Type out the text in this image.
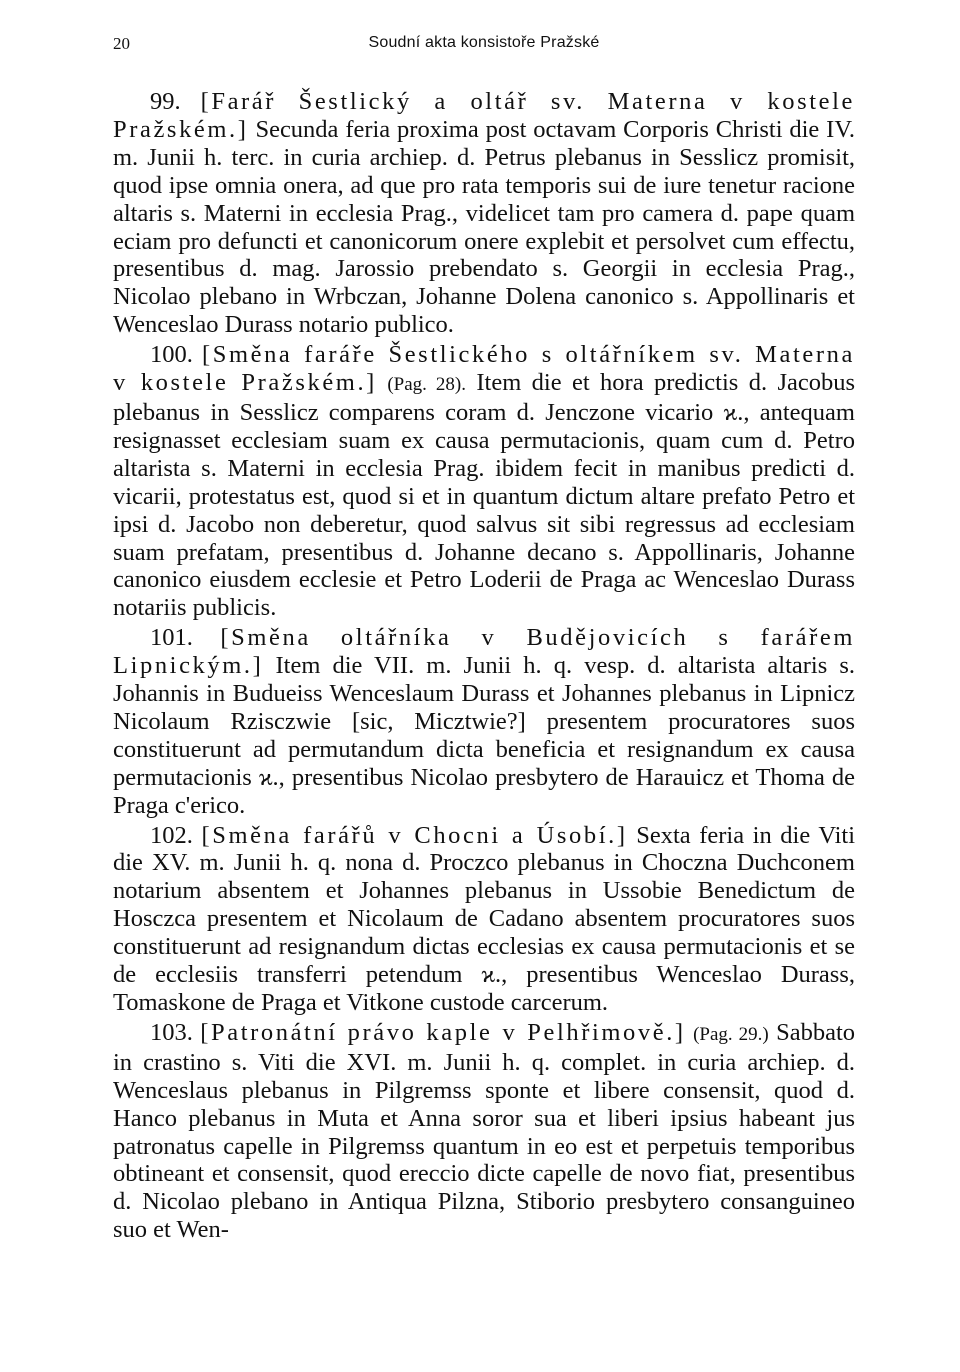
20	Soudní akta konsistoře Pražské

99. [Farář Šestlický a oltář sv. Materna v kostele Pražském.] Secunda feria proxima post octavam Corporis Christi die IV. m. Junii h. terc. in curia archiep. d. Petrus plebanus in Sesslicz promisit, quod ipse omnia onera, ad que pro rata temporis sui de iure tenetur racione altaris s. Materni in ecclesia Prag., videlicet tam pro camera d. pape quam eciam pro defuncti et canonicorum onere explebit et persolvet cum effectu, presentibus d. mag. Jarossio prebendato s. Georgii in ecclesia Prag., Nicolao plebano in Wrbczan, Johanne Dolena canonico s. Appollinaris et Wenceslao Durass notario publico.

100. [Směna faráře Šestlického s oltářníkem sv. Materna v kostele Pražském.] (Pag. 28). Item die et hora predictis d. Jacobus plebanus in Sesslicz comparens coram d. Jenczone vicario ϰ., antequam resignasset ecclesiam suam ex causa permutacionis, quam cum d. Petro altarista s. Materni in ecclesia Prag. ibidem fecit in manibus predicti d. vicarii, protestatus est, quod si et in quantum dictum altare prefato Petro et ipsi d. Jacobo non deberetur, quod salvus sit sibi regressus ad ecclesiam suam prefatam, presentibus d. Johanne decano s. Appollinaris, Johanne canonico eiusdem ecclesie et Petro Loderii de Praga ac Wenceslao Durass notariis publicis.

101. [Směna oltářníka v Budějovicích s farářem Lipnickým.] Item die VII. m. Junii h. q. vesp. d. altarista altaris s. Johannis in Budueiss Wenceslaum Durass et Johannes plebanus in Lipnicz Nicolaum Rzisczwie [sic, Micztwie?] presentem procuratores suos constituerunt ad permutandum dicta beneficia et resignandum ex causa permutacionis ϰ., presentibus Nicolao presbytero de Harauicz et Thoma de Praga c'erico.

102. [Směna farářů v Chocni a Úsobí.] Sexta feria in die Viti die XV. m. Junii h. q. nona d. Proczco plebanus in Choczna Duchconem notarium absentem et Johannes plebanus in Ussobie Benedictum de Hosczca presentem et Nicolaum de Cadano absentem procuratores suos constituerunt ad resignandum dictas ecclesias ex causa permutacionis et se de ecclesiis transferri petendum ϰ., presentibus Wenceslao Durass, Tomaskone de Praga et Vitkone custode carcerum.

103. [Patronátní právo kaple v Pelhřimově.] (Pag. 29.) Sabbato in crastino s. Viti die XVI. m. Junii h. q. complet. in curia archiep. d. Wenceslaus plebanus in Pilgremss sponte et libere consensit, quod d. Hanco plebanus in Muta et Anna soror sua et liberi ipsius habeant jus patronatus capelle in Pilgremss quantum in eo est et perpetuis temporibus obtineant et consensit, quod ereccio dicte capelle de novo fiat, presentibus d. Nicolao plebano in Antiqua Pilzna, Stiborio presbytero consanguineo suo et Wen-
